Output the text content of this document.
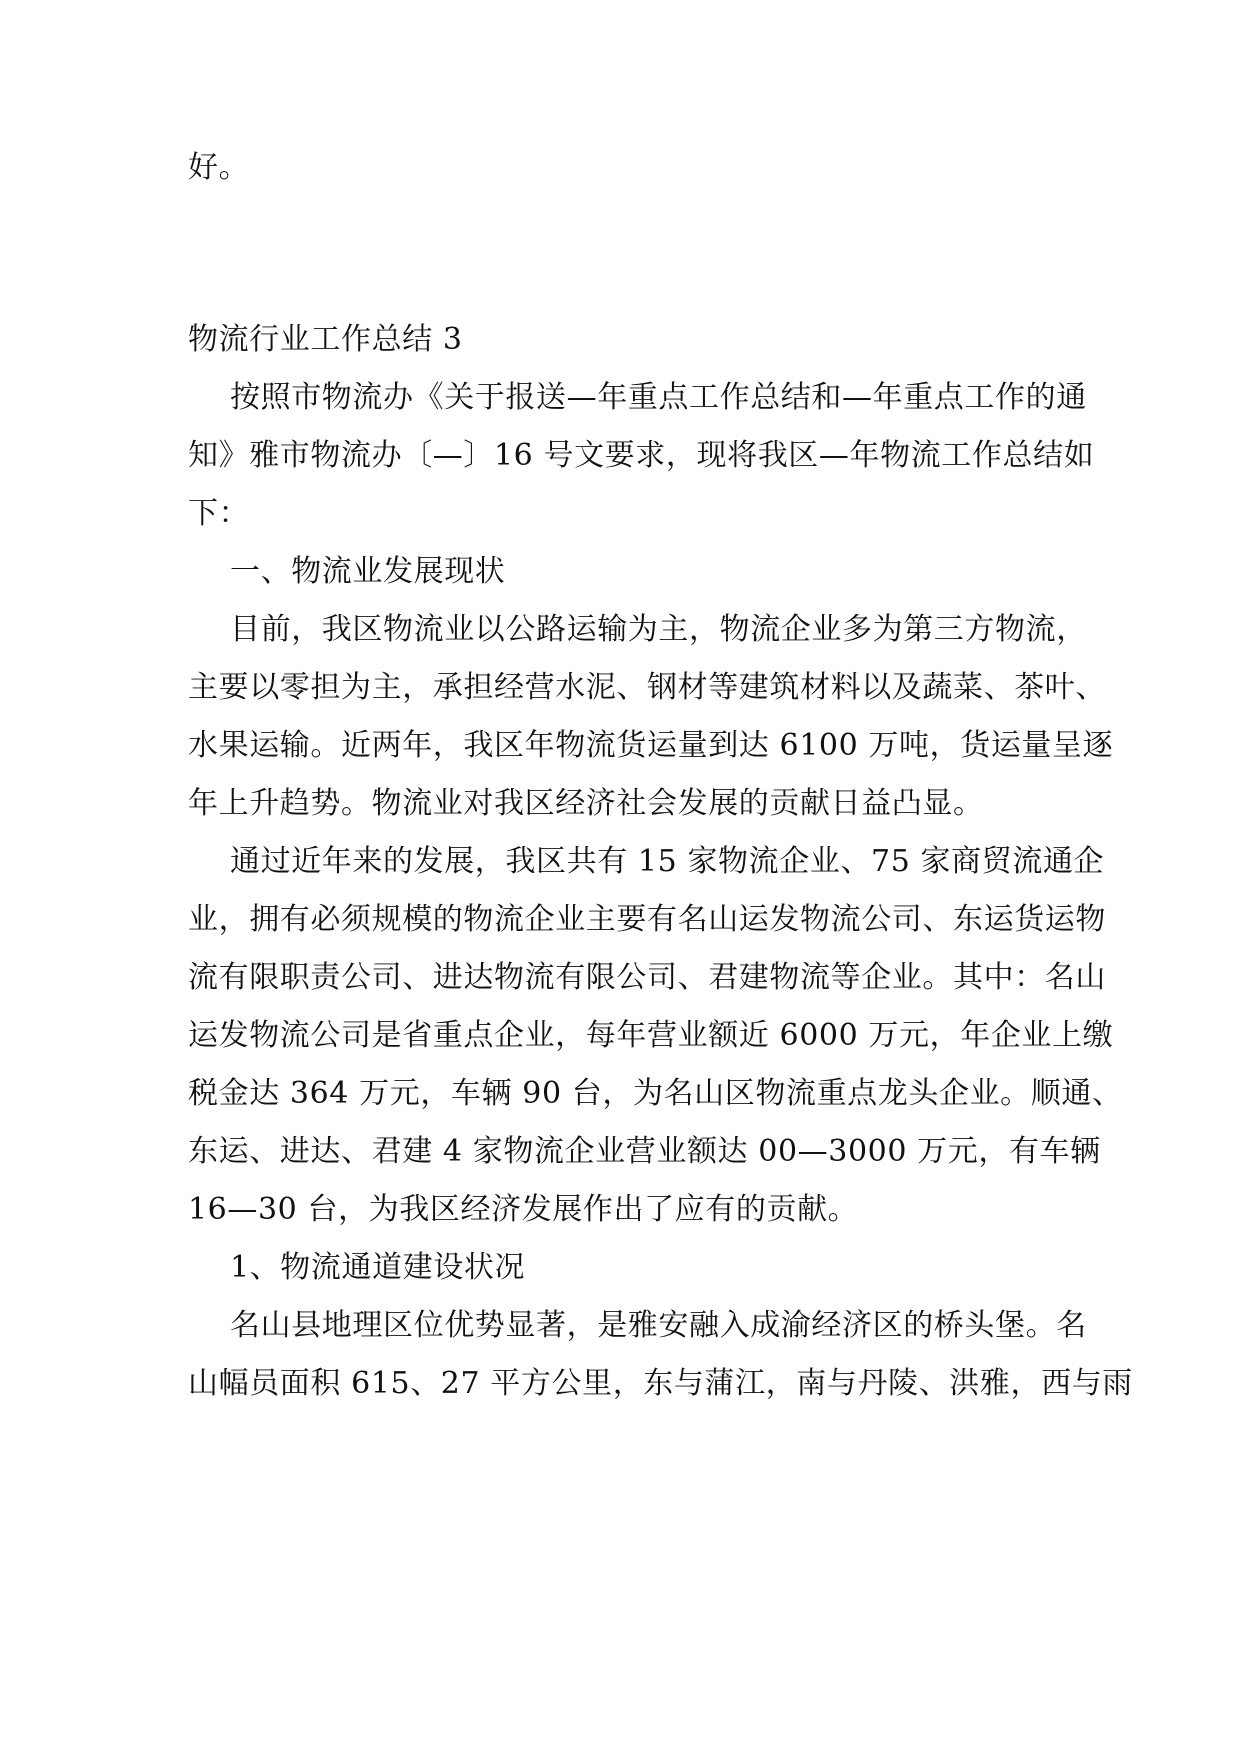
好。
物流行业工作总结 3
按照市物流办《关于报送—年重点工作总结和—年重点工作的通
知》雅市物流办〔—〕16 号文要求，现将我区—年物流工作总结如
下：
一、物流业发展现状
目前，我区物流业以公路运输为主，物流企业多为第三方物流，
主要以零担为主，承担经营水泥、钢材等建筑材料以及蔬菜、茶叶、
水果运输。近两年，我区年物流货运量到达 6100 万吨，货运量呈逐
年上升趋势。物流业对我区经济社会发展的贡献日益凸显。
通过近年来的发展，我区共有 15 家物流企业、75 家商贸流通企
业，拥有必须规模的物流企业主要有名山运发物流公司、东运货运物
流有限职责公司、进达物流有限公司、君建物流等企业。其中：名山
运发物流公司是省重点企业，每年营业额近 6000 万元，年企业上缴
税金达 364 万元，车辆 90 台，为名山区物流重点龙头企业。顺通、
东运、进达、君建 4 家物流企业营业额达 00—3000 万元，有车辆
16—30 台，为我区经济发展作出了应有的贡献。
1、物流通道建设状况
名山县地理区位优势显著，是雅安融入成渝经济区的桥头堡。名
山幅员面积 615、27 平方公里，东与蒲江，南与丹陵、洪雅，西与雨
